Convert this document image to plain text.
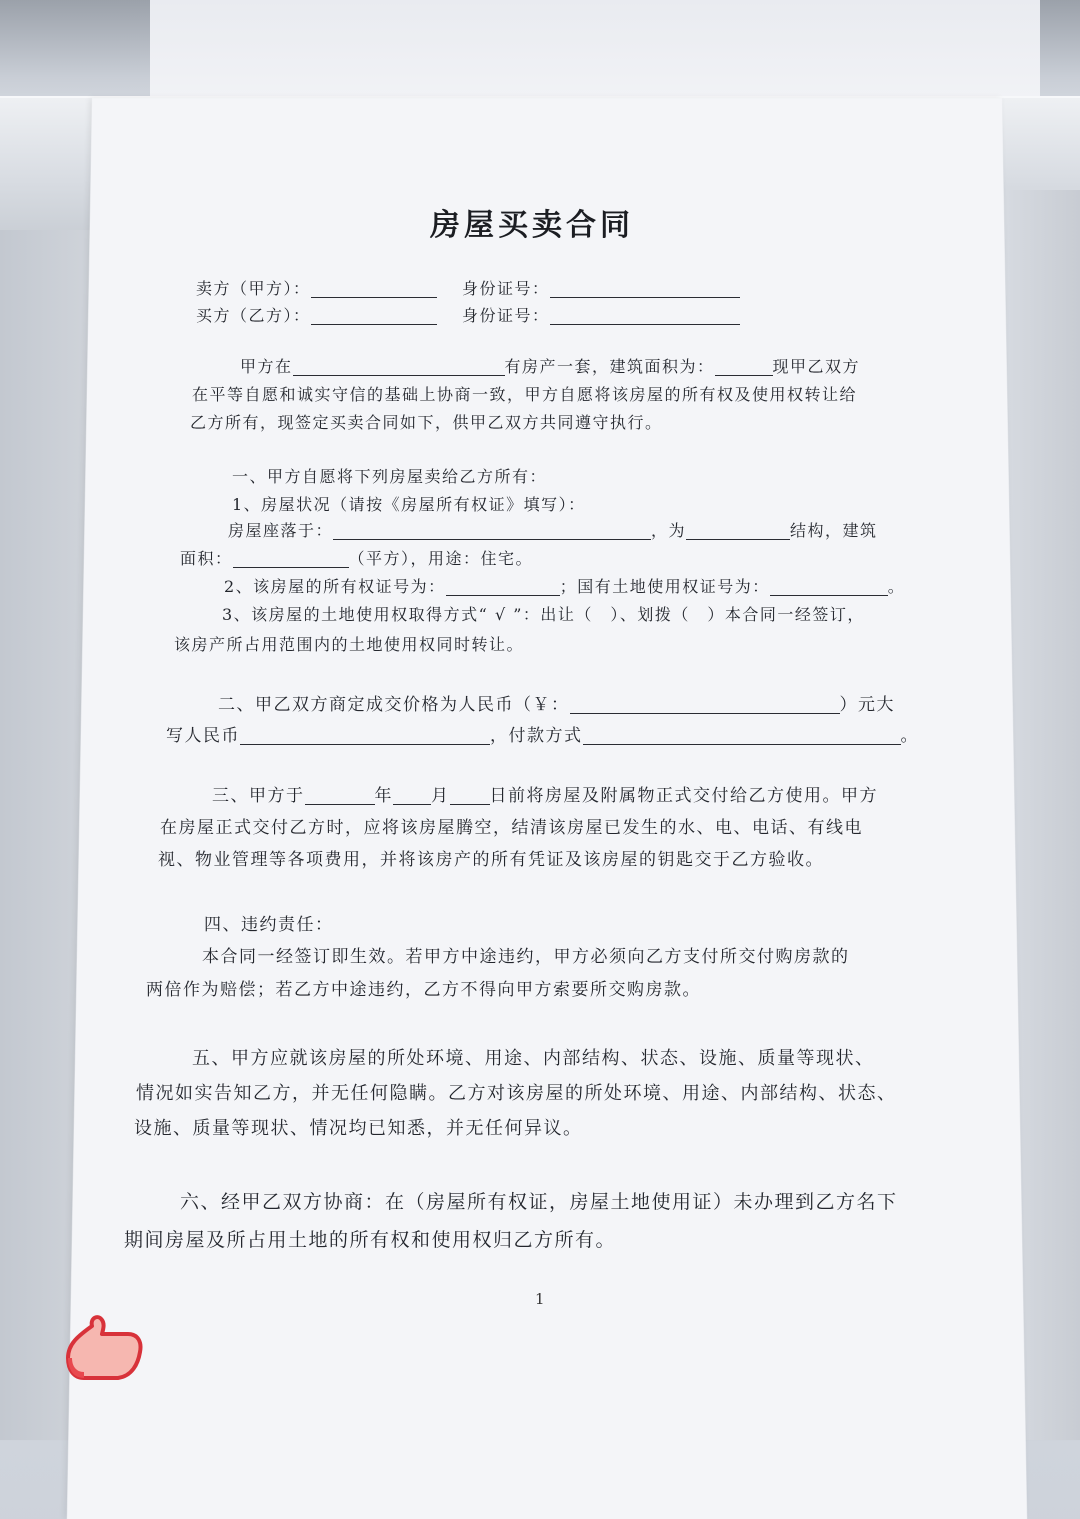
房屋买卖合同
卖方（甲方）：	身份证号：
买方（乙方）：	身份证号：
甲方在	有房产一套，建筑面积为：	现甲乙双方
在平等自愿和诚实守信的基础上协商一致，甲方自愿将该房屋的所有权及使用权转让给
乙方所有，现签定买卖合同如下，供甲乙双方共同遵守执行。
一、甲方自愿将下列房屋卖给乙方所有：
1、房屋状况（请按《房屋所有权证》填写）：
房屋座落于：	，为	结构，建筑
面积：	（平方），用途：住宅。
2、该房屋的所有权证号为：	；国有土地使用权证号为：	。
3、该房屋的土地使用权取得方式“ √ ”：出让（　）、划拨（　）本合同一经签订，
该房产所占用范围内的土地使用权同时转让。
二、甲乙双方商定成交价格为人民币（￥：	）元大
写人民币	，付款方式	。
三、甲方于	年 月 日前将房屋及附属物正式交付给乙方使用。甲方
在房屋正式交付乙方时，应将该房屋腾空，结清该房屋已发生的水、电、电话、有线电
视、物业管理等各项费用，并将该房产的所有凭证及该房屋的钥匙交于乙方验收。
四、违约责任：
本合同一经签订即生效。若甲方中途违约，甲方必须向乙方支付所交付购房款的
两倍作为赔偿；若乙方中途违约，乙方不得向甲方索要所交购房款。
五、甲方应就该房屋的所处环境、用途、内部结构、状态、设施、质量等现状、
情况如实告知乙方，并无任何隐瞒。乙方对该房屋的所处环境、用途、内部结构、状态、
设施、质量等现状、情况均已知悉，并无任何异议。
六、经甲乙双方协商：在（房屋所有权证，房屋土地使用证）未办理到乙方名下
期间房屋及所占用土地的所有权和使用权归乙方所有。
1
